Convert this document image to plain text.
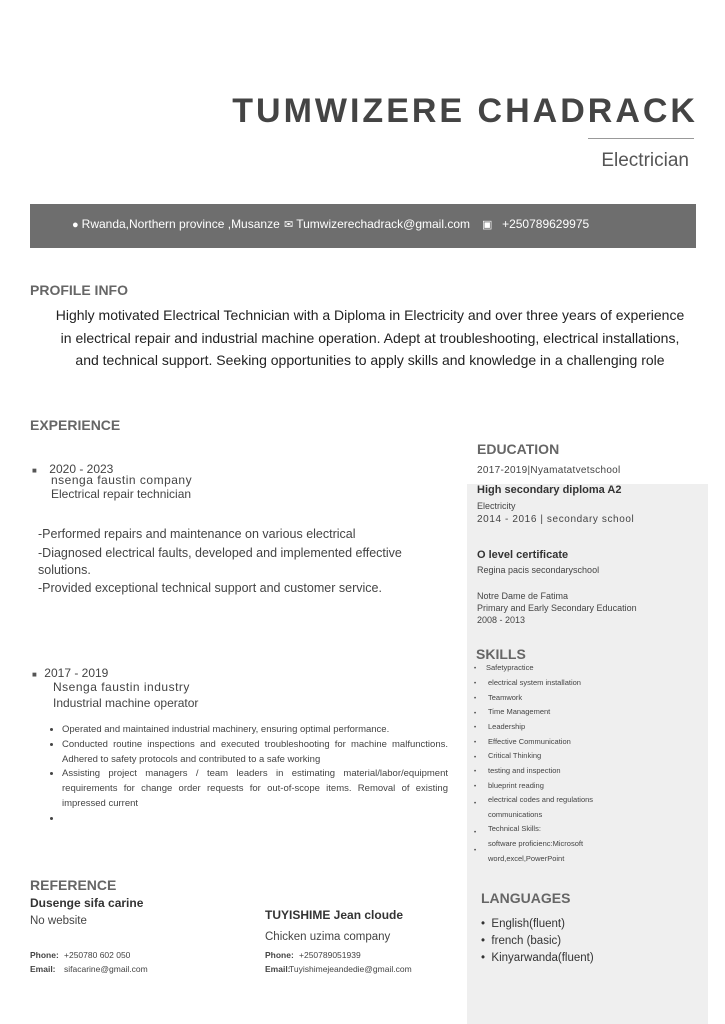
TUMWIZERE CHADRACK
Electrician
● Rwanda,Northern province ,Musanze ✉ Tumwizerechadrack@gmail.com ▣ +250789629975
PROFILE INFO
Highly motivated Electrical Technician with a Diploma in Electricity and over three years of experience in electrical repair and industrial machine operation. Adept at troubleshooting, electrical installations, and technical support. Seeking opportunities to apply skills and knowledge in a challenging role
EXPERIENCE
■ 2020 - 2023
nsenga faustin company
Electrical repair technician
-Performed repairs and maintenance on various electrical
-Diagnosed electrical faults, developed and implemented effective solutions.
-Provided exceptional technical support and customer service.
■ 2017 - 2019
Nsenga faustin industry
Industrial machine operator
• Operated and maintained industrial machinery, ensuring optimal performance.
• Conducted routine inspections and executed troubleshooting for machine malfunctions. Adhered to safety protocols and contributed to a safe working
• Assisting project managers / team leaders in estimating material/labor/equipment requirements for change order requests for out-of-scope items. Removal of existing impressed current
•
EDUCATION
2017-2019|Nyamatatvetschool
High secondary diploma A2
Electricity
2014 - 2016 | secondary school
O level certificate
Regina pacis secondaryschool
Notre Dame de Fatima
Primary and Early Secondary Education
2008 - 2013
SKILLS
• Safetypractice
• electrical system installation
• Teamwork
• Time Management
• Leadership
• Effective Communication
• Critical Thinking
• testing and inspection
• blueprint reading
• electrical codes and regulations
communications
• Technical Skills:
•
software proficienc:Microsoft
word,excel,PowerPoint
LANGUAGES
•  English(fluent)
•  french (basic)
•  Kinyarwanda(fluent)
REFERENCE
Dusenge sifa carine
No website
Phone: +250780 602 050
Email: sifacarine@gmail.com
TUYISHIME Jean cloude
Chicken uzima company
Phone: +250789051939
Email:Tuyishimejeandedie@gmail.com
